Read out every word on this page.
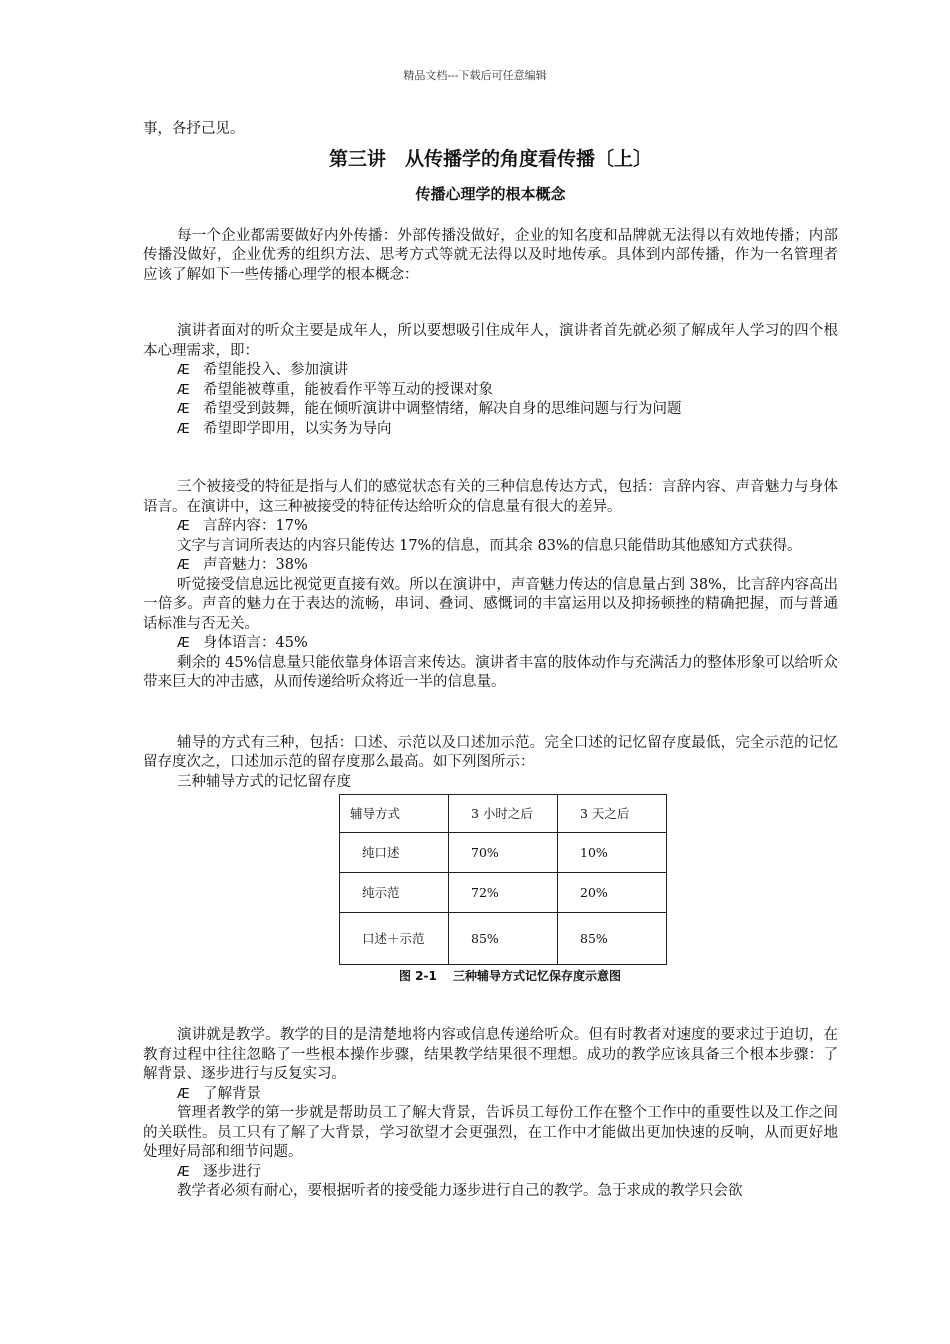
精品文档---下载后可任意编辑

事，各抒己见。

第三讲　从传播学的角度看传播〔上〕
传播心理学的根本概念

每一个企业都需要做好内外传播：外部传播没做好，企业的知名度和品牌就无法得以有效地传播；内部传播没做好，企业优秀的组织方法、思考方式等就无法得以及时地传承。具体到内部传播，作为一名管理者应该了解如下一些传播心理学的根本概念：

演讲者面对的听众主要是成年人，所以要想吸引住成年人，演讲者首先就必须了解成年人学习的四个根本心理需求，即：

Æ 希望能投入、参加演讲

Æ 希望能被尊重，能被看作平等互动的授课对象

Æ 希望受到鼓舞，能在倾听演讲中调整情绪，解决自身的思维问题与行为问题

Æ 希望即学即用，以实务为导向

三个被接受的特征是指与人们的感觉状态有关的三种信息传达方式，包括：言辞内容、声音魅力与身体语言。在演讲中，这三种被接受的特征传达给听众的信息量有很大的差异。

Æ 言辞内容：17%

文字与言词所表达的内容只能传达 17%的信息，而其余 83%的信息只能借助其他感知方式获得。

Æ 声音魅力：38%

听觉接受信息远比视觉更直接有效。所以在演讲中，声音魅力传达的信息量占到 38%，比言辞内容高出一倍多。声音的魅力在于表达的流畅，串词、叠词、感慨词的丰富运用以及抑扬顿挫的精确把握，而与普通话标准与否无关。

Æ 身体语言：45%

剩余的 45%信息量只能依靠身体语言来传达。演讲者丰富的肢体动作与充满活力的整体形象可以给听众带来巨大的冲击感，从而传递给听众将近一半的信息量。

辅导的方式有三种，包括：口述、示范以及口述加示范。完全口述的记忆留存度最低，完全示范的记忆留存度次之，口述加示范的留存度那么最高。如下列图所示：

三种辅导方式的记忆留存度

辅导方式	3 小时之后	3 天之后
纯口述	70%	10%
纯示范	72%	20%
口述＋示范	85%	85%
图 2-1　 三种辅导方式记忆保存度示意图

演讲就是教学。教学的目的是清楚地将内容或信息传递给听众。但有时教者对速度的要求过于迫切，在教育过程中往往忽略了一些根本操作步骤，结果教学结果很不理想。成功的教学应该具备三个根本步骤：了解背景、逐步进行与反复实习。

Æ 了解背景

管理者教学的第一步就是帮助员工了解大背景，告诉员工每份工作在整个工作中的重要性以及工作之间的关联性。员工只有了解了大背景，学习欲望才会更强烈，在工作中才能做出更加快速的反响，从而更好地处理好局部和细节问题。

Æ 逐步进行

教学者必须有耐心，要根据听者的接受能力逐步进行自己的教学。急于求成的教学只会欲
